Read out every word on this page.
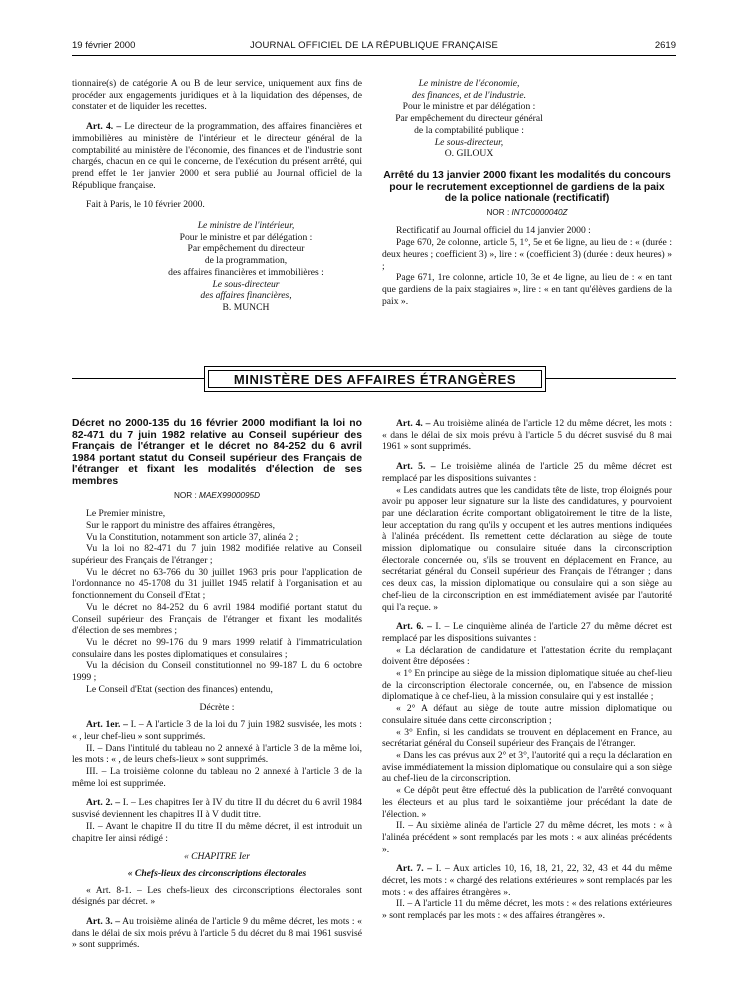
19 février 2000	JOURNAL OFFICIEL DE LA RÉPUBLIQUE FRANÇAISE	2619

tionnaire(s) de catégorie A ou B de leur service, uniquement aux fins de procéder aux engagements juridiques et à la liquidation des dépenses, de constater et de liquider les recettes.

Art. 4. – Le directeur de la programmation, des affaires financières et immobilières au ministère de l'intérieur et le directeur général de la comptabilité au ministère de l'économie, des finances et de l'industrie sont chargés, chacun en ce qui le concerne, de l'exécution du présent arrêté, qui prend effet le 1er janvier 2000 et sera publié au Journal officiel de la République française.

Fait à Paris, le 10 février 2000.

Le ministre de l'intérieur,

Pour le ministre et par délégation :

Par empêchement du directeur

de la programmation,

des affaires financières et immobilières :

Le sous-directeur

des affaires financières,

B. MUNCH

Le ministre de l'économie,

des finances, et de l'industrie.

Pour le ministre et par délégation :

Par empêchement du directeur général

de la comptabilité publique :

Le sous-directeur,

O. GILOUX

Arrêté du 13 janvier 2000 fixant les modalités du concours pour le recrutement exceptionnel de gardiens de la paix de la police nationale (rectificatif)

NOR : INTC0000040Z

Rectificatif au Journal officiel du 14 janvier 2000 :

Page 670, 2e colonne, article 5, 1°, 5e et 6e ligne, au lieu de : « (durée : deux heures ; coefficient 3) », lire : « (coefficient 3) (durée : deux heures) » ;

Page 671, 1re colonne, article 10, 3e et 4e ligne, au lieu de : « en tant que gardiens de la paix stagiaires », lire : « en tant qu'élèves gardiens de la paix ».

MINISTÈRE DES AFFAIRES ÉTRANGÈRES

Décret no 2000-135 du 16 février 2000 modifiant la loi no 82-471 du 7 juin 1982 relative au Conseil supérieur des Français de l'étranger et le décret no 84-252 du 6 avril 1984 portant statut du Conseil supérieur des Français de l'étranger et fixant les modalités d'élection de ses membres

NOR : MAEX9900095D

Le Premier ministre,

Sur le rapport du ministre des affaires étrangères,

Vu la Constitution, notamment son article 37, alinéa 2 ;

Vu la loi no 82-471 du 7 juin 1982 modifiée relative au Conseil supérieur des Français de l'étranger ;

Vu le décret no 63-766 du 30 juillet 1963 pris pour l'application de l'ordonnance no 45-1708 du 31 juillet 1945 relatif à l'organisation et au fonctionnement du Conseil d'Etat ;

Vu le décret no 84-252 du 6 avril 1984 modifié portant statut du Conseil supérieur des Français de l'étranger et fixant les modalités d'élection de ses membres ;

Vu le décret no 99-176 du 9 mars 1999 relatif à l'immatriculation consulaire dans les postes diplomatiques et consulaires ;

Vu la décision du Conseil constitutionnel no 99-187 L du 6 octobre 1999 ;

Le Conseil d'Etat (section des finances) entendu,

Décrète :

Art. 1er. – I. – A l'article 3 de la loi du 7 juin 1982 susvisée, les mots : « , leur chef-lieu » sont supprimés.

II. – Dans l'intitulé du tableau no 2 annexé à l'article 3 de la même loi, les mots : « , de leurs chefs-lieux » sont supprimés.

III. – La troisième colonne du tableau no 2 annexé à l'article 3 de la même loi est supprimée.

Art. 2. – I. – Les chapitres Ier à IV du titre II du décret du 6 avril 1984 susvisé deviennent les chapitres II à V dudit titre.

II. – Avant le chapitre II du titre II du même décret, il est introduit un chapitre Ier ainsi rédigé :

« CHAPITRE Ier

« Chefs-lieux des circonscriptions électorales

« Art. 8-1. – Les chefs-lieux des circonscriptions électorales sont désignés par décret. »

Art. 3. – Au troisième alinéa de l'article 9 du même décret, les mots : « dans le délai de six mois prévu à l'article 5 du décret du 8 mai 1961 susvisé » sont supprimés.

Art. 4. – Au troisième alinéa de l'article 12 du même décret, les mots : « dans le délai de six mois prévu à l'article 5 du décret susvisé du 8 mai 1961 » sont supprimés.

Art. 5. – Le troisième alinéa de l'article 25 du même décret est remplacé par les dispositions suivantes :

« Les candidats autres que les candidats tête de liste, trop éloignés pour avoir pu apposer leur signature sur la liste des candidatures, y pourvoient par une déclaration écrite comportant obligatoirement le titre de la liste, leur acceptation du rang qu'ils y occupent et les autres mentions indiquées à l'alinéa précédent. Ils remettent cette déclaration au siège de toute mission diplomatique ou consulaire située dans la circonscription électorale concernée ou, s'ils se trouvent en déplacement en France, au secrétariat général du Conseil supérieur des Français de l'étranger ; dans ces deux cas, la mission diplomatique ou consulaire qui a son siège au chef-lieu de la circonscription en est immédiatement avisée par l'autorité qui l'a reçue. »

Art. 6. – I. – Le cinquième alinéa de l'article 27 du même décret est remplacé par les dispositions suivantes :

« La déclaration de candidature et l'attestation écrite du remplaçant doivent être déposées :

« 1° En principe au siège de la mission diplomatique située au chef-lieu de la circonscription électorale concernée, ou, en l'absence de mission diplomatique à ce chef-lieu, à la mission consulaire qui y est installée ;

« 2° A défaut au siège de toute autre mission diplomatique ou consulaire située dans cette circonscription ;

« 3° Enfin, si les candidats se trouvent en déplacement en France, au secrétariat général du Conseil supérieur des Français de l'étranger.

« Dans les cas prévus aux 2° et 3°, l'autorité qui a reçu la déclaration en avise immédiatement la mission diplomatique ou consulaire qui a son siège au chef-lieu de la circonscription.

« Ce dépôt peut être effectué dès la publication de l'arrêté convoquant les électeurs et au plus tard le soixantième jour précédant la date de l'élection. »

II. – Au sixième alinéa de l'article 27 du même décret, les mots : « à l'alinéa précédent » sont remplacés par les mots : « aux alinéas précédents ».

Art. 7. – I. – Aux articles 10, 16, 18, 21, 22, 32, 43 et 44 du même décret, les mots : « chargé des relations extérieures » sont remplacés par les mots : « des affaires étrangères ».

II. – A l'article 11 du même décret, les mots : « des relations extérieures » sont remplacés par les mots : « des affaires étrangères ».
